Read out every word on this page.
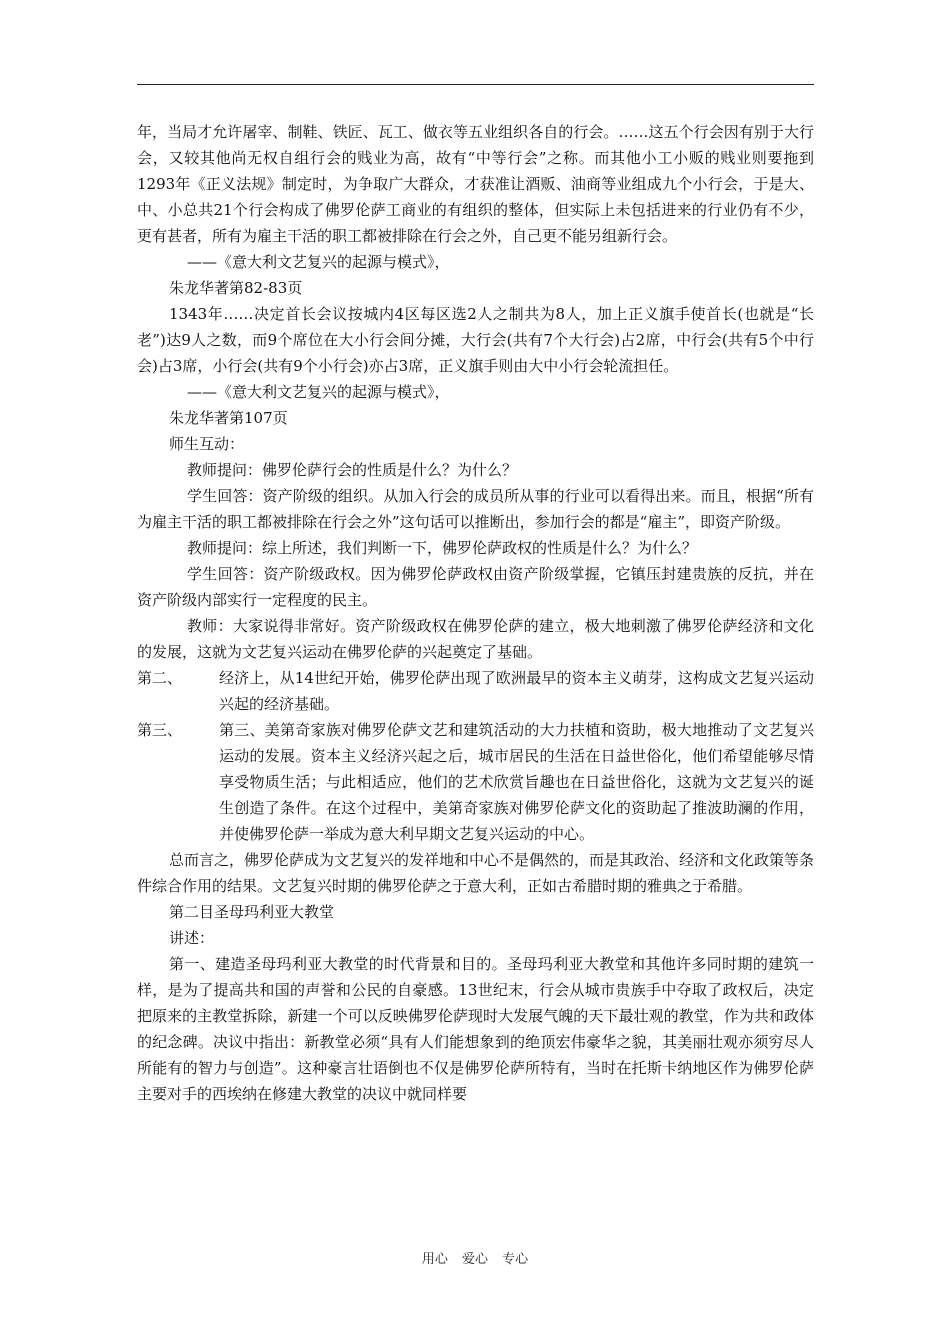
年，当局才允许屠宰、制鞋、铁匠、瓦工、做衣等五业组织各自的行会。……这五个行会因有别于大行会，又较其他尚无权自组行会的贱业为高，故有“中等行会”之称。而其他小工小贩的贱业则要拖到1293年《正义法规》制定时，为争取广大群众，才获准让酒贩、油商等业组成九个小行会，于是大、中、小总共21个行会构成了佛罗伦萨工商业的有组织的整体，但实际上未包括进来的行业仍有不少，更有甚者，所有为雇主干活的职工都被排除在行会之外，自己更不能另组新行会。

——《意大利文艺复兴的起源与模式》，

朱龙华著第82-83页

1343年……决定首长会议按城内4区每区选2人之制共为8人，加上正义旗手使首长(也就是“长老”)达9人之数，而9个席位在大小行会间分摊，大行会(共有7个大行会)占2席，中行会(共有5个中行会)占3席，小行会(共有9个小行会)亦占3席，正义旗手则由大中小行会轮流担任。

——《意大利文艺复兴的起源与模式》，

朱龙华著第107页

师生互动：

教师提问：佛罗伦萨行会的性质是什么？为什么？

学生回答：资产阶级的组织。从加入行会的成员所从事的行业可以看得出来。而且，根据“所有为雇主干活的职工都被排除在行会之外”这句话可以推断出，参加行会的都是“雇主”，即资产阶级。

教师提问：综上所述，我们判断一下，佛罗伦萨政权的性质是什么？为什么？

学生回答：资产阶级政权。因为佛罗伦萨政权由资产阶级掌握，它镇压封建贵族的反抗，并在资产阶级内部实行一定程度的民主。

教师：大家说得非常好。资产阶级政权在佛罗伦萨的建立，极大地刺激了佛罗伦萨经济和文化的发展，这就为文艺复兴运动在佛罗伦萨的兴起奠定了基础。

第二、	经济上，从14世纪开始，佛罗伦萨出现了欧洲最早的资本主义萌芽，这构成文艺复兴运动兴起的经济基础。
第三、	第三、美第奇家族对佛罗伦萨文艺和建筑活动的大力扶植和资助，极大地推动了文艺复兴运动的发展。资本主义经济兴起之后，城市居民的生活在日益世俗化，他们希望能够尽情享受物质生活；与此相适应，他们的艺术欣赏旨趣也在日益世俗化，这就为文艺复兴的诞生创造了条件。在这个过程中，美第奇家族对佛罗伦萨文化的资助起了推波助澜的作用，并使佛罗伦萨一举成为意大利早期文艺复兴运动的中心。

总而言之，佛罗伦萨成为文艺复兴的发祥地和中心不是偶然的，而是其政治、经济和文化政策等条件综合作用的结果。文艺复兴时期的佛罗伦萨之于意大利，正如古希腊时期的雅典之于希腊。

第二目圣母玛利亚大教堂

讲述：

第一、建造圣母玛利亚大教堂的时代背景和目的。圣母玛利亚大教堂和其他许多同时期的建筑一样，是为了提高共和国的声誉和公民的自豪感。13世纪末，行会从城市贵族手中夺取了政权后，决定把原来的主教堂拆除，新建一个可以反映佛罗伦萨现时大发展气魄的天下最壮观的教堂，作为共和政体的纪念碑。决议中指出：新教堂必须“具有人们能想象到的绝顶宏伟豪华之貌，其美丽壮观亦须穷尽人所能有的智力与创造”。这种豪言壮语倒也不仅是佛罗伦萨所特有，当时在托斯卡纳地区作为佛罗伦萨主要对手的西埃纳在修建大教堂的决议中就同样要

用心 爱心 专心
